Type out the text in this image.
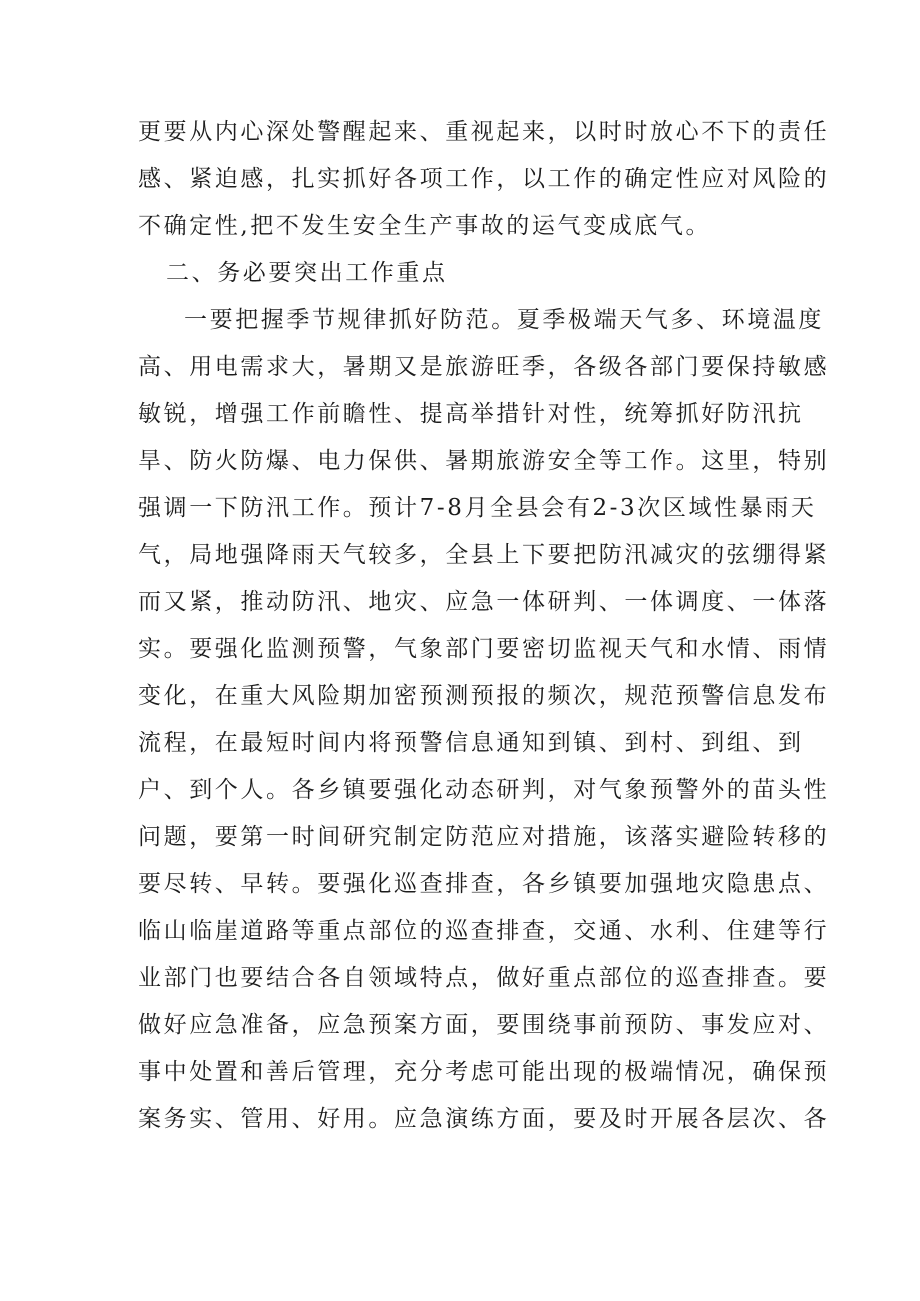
更要从内心深处警醒起来、重视起来，以时时放心不下的责任
感、紧迫感，扎实抓好各项工作，以工作的确定性应对风险的
不确定性,把不发生安全生产事故的运气变成底气。
二、务必要突出工作重点
一要把握季节规律抓好防范。夏季极端天气多、环境温度
高、用电需求大，暑期又是旅游旺季，各级各部门要保持敏感
敏锐，增强工作前瞻性、提高举措针对性，统筹抓好防汛抗
旱、防火防爆、电力保供、暑期旅游安全等工作。这里，特别
强调一下防汛工作。预计7-8月全县会有2-3次区域性暴雨天
气，局地强降雨天气较多，全县上下要把防汛减灾的弦绷得紧
而又紧，推动防汛、地灾、应急一体研判、一体调度、一体落
实。要强化监测预警，气象部门要密切监视天气和水情、雨情
变化，在重大风险期加密预测预报的频次，规范预警信息发布
流程，在最短时间内将预警信息通知到镇、到村、到组、到
户、到个人。各乡镇要强化动态研判，对气象预警外的苗头性
问题，要第一时间研究制定防范应对措施，该落实避险转移的
要尽转、早转。要强化巡查排查，各乡镇要加强地灾隐患点、
临山临崖道路等重点部位的巡查排查，交通、水利、住建等行
业部门也要结合各自领域特点，做好重点部位的巡查排查。要
做好应急准备，应急预案方面，要围绕事前预防、事发应对、
事中处置和善后管理，充分考虑可能出现的极端情况，确保预
案务实、管用、好用。应急演练方面，要及时开展各层次、各
